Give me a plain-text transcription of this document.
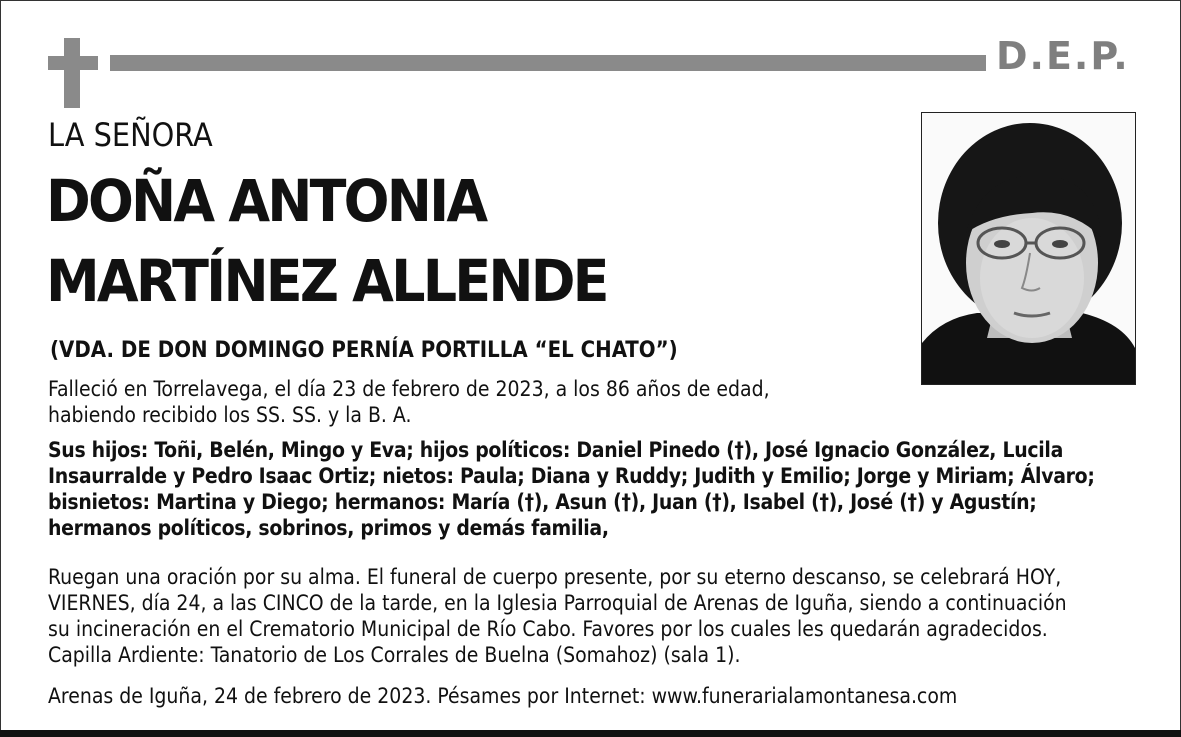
D.E.P.
LA SEÑORA
DOÑA ANTONIA
MARTÍNEZ ALLENDE
(VDA. DE DON DOMINGO PERNÍA PORTILLA “EL CHATO”)
Falleció en Torrelavega, el día 23 de febrero de 2023, a los 86 años de edad,
habiendo recibido los SS. SS. y la B. A.
Sus hijos: Toñi, Belén, Mingo y Eva; hijos políticos: Daniel Pinedo (†), José Ignacio González, Lucila
Insaurralde y Pedro Isaac Ortiz; nietos: Paula; Diana y Ruddy; Judith y Emilio; Jorge y Miriam; Álvaro;
bisnietos: Martina y Diego; hermanos: María (†), Asun (†), Juan (†), Isabel (†), José (†) y Agustín;
hermanos políticos, sobrinos, primos y demás familia,
Ruegan una oración por su alma. El funeral de cuerpo presente, por su eterno descanso, se celebrará HOY,
VIERNES, día 24, a las CINCO de la tarde, en la Iglesia Parroquial de Arenas de Iguña, siendo a continuación
su incineración en el Crematorio Municipal de Río Cabo. Favores por los cuales les quedarán agradecidos.
Capilla Ardiente: Tanatorio de Los Corrales de Buelna (Somahoz) (sala 1).
Arenas de Iguña, 24 de febrero de 2023. Pésames por Internet: www.funerarialamontanesa.com
